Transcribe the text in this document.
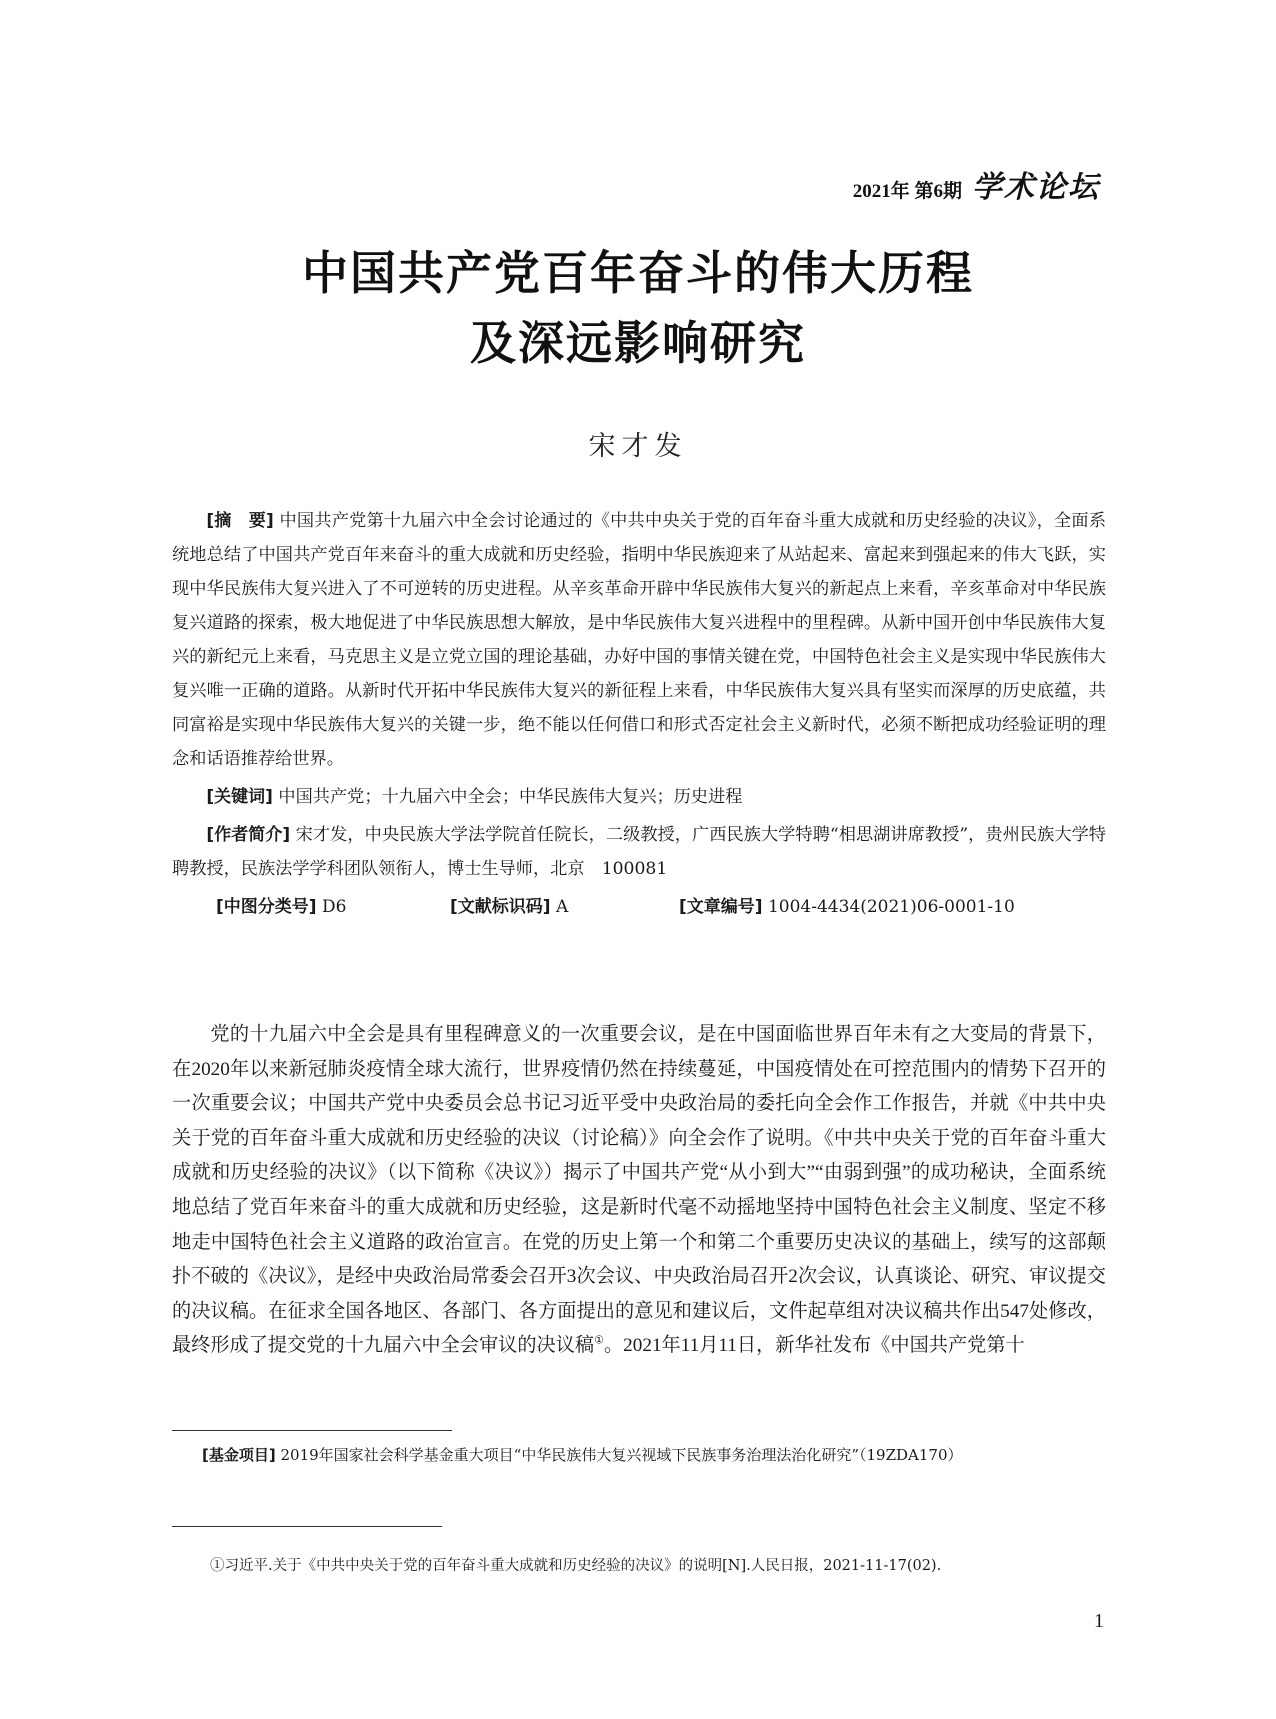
2021年 第6期 学术论坛
中国共产党百年奋斗的伟大历程
及深远影响研究
宋才发

[摘　要] 中国共产党第十九届六中全会讨论通过的《中共中央关于党的百年奋斗重大成就和历史经验的决议》，全面系统地总结了中国共产党百年来奋斗的重大成就和历史经验，指明中华民族迎来了从站起来、富起来到强起来的伟大飞跃，实现中华民族伟大复兴进入了不可逆转的历史进程。从辛亥革命开辟中华民族伟大复兴的新起点上来看，辛亥革命对中华民族复兴道路的探索，极大地促进了中华民族思想大解放，是中华民族伟大复兴进程中的里程碑。从新中国开创中华民族伟大复兴的新纪元上来看，马克思主义是立党立国的理论基础，办好中国的事情关键在党，中国特色社会主义是实现中华民族伟大复兴唯一正确的道路。从新时代开拓中华民族伟大复兴的新征程上来看，中华民族伟大复兴具有坚实而深厚的历史底蕴，共同富裕是实现中华民族伟大复兴的关键一步，绝不能以任何借口和形式否定社会主义新时代，必须不断把成功经验证明的理念和话语推荐给世界。

[关键词] 中国共产党；十九届六中全会；中华民族伟大复兴；历史进程

[作者简介] 宋才发，中央民族大学法学院首任院长，二级教授，广西民族大学特聘“相思湖讲席教授”，贵州民族大学特聘教授，民族法学学科团队领衔人，博士生导师，北京　100081

[中图分类号] D6	[文献标识码] A	[文章编号] 1004-4434(2021)06-0001-10

党的十九届六中全会是具有里程碑意义的一次重要会议，是在中国面临世界百年未有之大变局的背景下，在2020年以来新冠肺炎疫情全球大流行，世界疫情仍然在持续蔓延，中国疫情处在可控范围内的情势下召开的一次重要会议；中国共产党中央委员会总书记习近平受中央政治局的委托向全会作工作报告，并就《中共中央关于党的百年奋斗重大成就和历史经验的决议（讨论稿）》向全会作了说明。《中共中央关于党的百年奋斗重大成就和历史经验的决议》（以下简称《决议》）揭示了中国共产党“从小到大”“由弱到强”的成功秘诀，全面系统地总结了党百年来奋斗的重大成就和历史经验，这是新时代毫不动摇地坚持中国特色社会主义制度、坚定不移地走中国特色社会主义道路的政治宣言。在党的历史上第一个和第二个重要历史决议的基础上，续写的这部颠扑不破的《决议》，是经中央政治局常委会召开3次会议、中央政治局召开2次会议，认真谈论、研究、审议提交的决议稿。在征求全国各地区、各部门、各方面提出的意见和建议后，文件起草组对决议稿共作出547处修改，最终形成了提交党的十九届六中全会审议的决议稿①。2021年11月11日，新华社发布《中国共产党第十

[基金项目] 2019年国家社会科学基金重大项目“中华民族伟大复兴视域下民族事务治理法治化研究”（19ZDA170）

①习近平.关于《中共中央关于党的百年奋斗重大成就和历史经验的决议》的说明[N].人民日报，2021-11-17(02).
1
